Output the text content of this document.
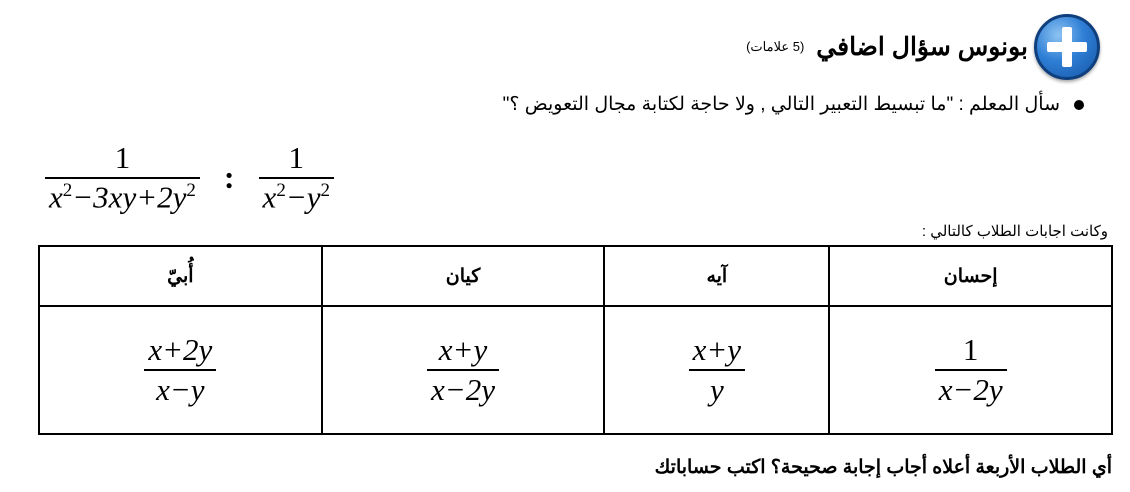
بونوس سؤال اضافي
(5 علامات)
سأل المعلم : "ما تبسيط التعبير التالي , ولا حاجة لكتابة مجال التعويض ؟"
$\frac{1}{x^2-3xy+2y^2}$ : $\frac{1}{x^2-y^2}$
وكانت اجابات الطلاب كالتالي :
إحسان	آيه	كيان	أُبيّ

$\frac{1}{x-2y}$	$\frac{x+y}{y}$	$\frac{x+y}{x-2y}$	$\frac{x+2y}{x-y}$
أي الطلاب الأربعة أعلاه أجاب إجابة صحيحة؟ اكتب حساباتك
